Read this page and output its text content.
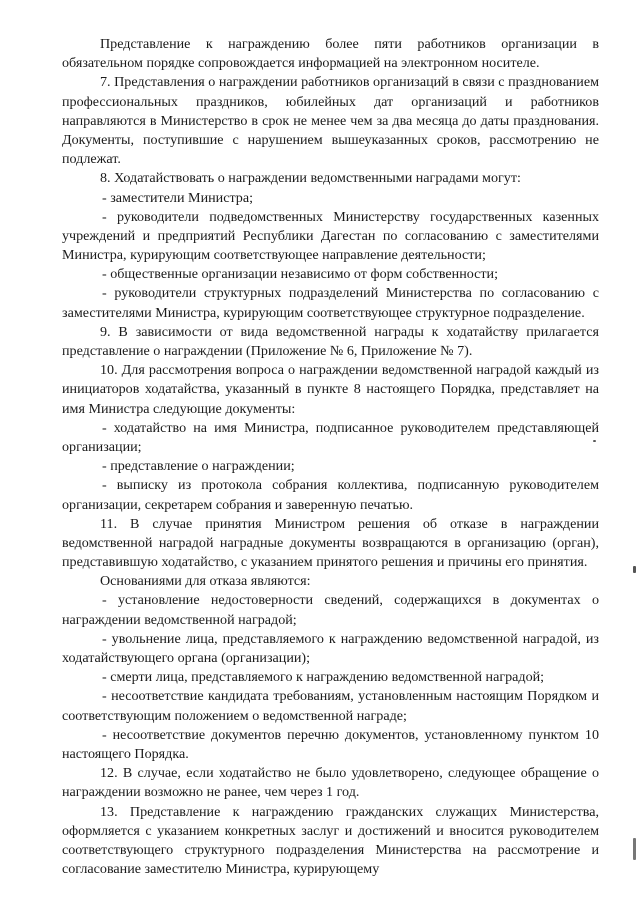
Представление к награждению более пяти работников организации в обязательном порядке сопровождается информацией на электронном носителе.

7. Представления о награждении работников организаций в связи с празднованием профессиональных праздников, юбилейных дат организаций и работников направляются в Министерство в срок не менее чем за два месяца до даты празднования. Документы, поступившие с нарушением вышеуказанных сроков, рассмотрению не подлежат.

8. Ходатайствовать о награждении ведомственными наградами могут:

- заместители Министра;

- руководители подведомственных Министерству государственных казенных учреждений и предприятий Республики Дагестан по согласованию с заместителями Министра, курирующим соответствующее направление деятельности;

- общественные организации независимо от форм собственности;

- руководители структурных подразделений Министерства по согласованию с заместителями Министра, курирующим соответствующее структурное подразделение.

9. В зависимости от вида ведомственной награды к ходатайству прилагается представление о награждении (Приложение № 6, Приложение № 7).

10. Для рассмотрения вопроса о награждении ведомственной наградой каждый из инициаторов ходатайства, указанный в пункте 8 настоящего Порядка, представляет на имя Министра следующие документы:

- ходатайство на имя Министра, подписанное руководителем представляющей организации;

- представление о награждении;

- выписку из протокола собрания коллектива, подписанную руководителем организации, секретарем собрания и заверенную печатью.

11. В случае принятия Министром решения об отказе в награждении ведомственной наградой наградные документы возвращаются в организацию (орган), представившую ходатайство, с указанием принятого решения и причины его принятия.

Основаниями для отказа являются:

- установление недостоверности сведений, содержащихся в документах о награждении ведомственной наградой;

- увольнение лица, представляемого к награждению ведомственной наградой, из ходатайствующего органа (организации);

- смерти лица, представляемого к награждению ведомственной наградой;

- несоответствие кандидата требованиям, установленным настоящим Порядком и соответствующим положением о ведомственной награде;

- несоответствие документов перечню документов, установленному пунктом 10 настоящего Порядка.

12. В случае, если ходатайство не было удовлетворено, следующее обращение о награждении возможно не ранее, чем через 1 год.

13. Представление к награждению гражданских служащих Министерства, оформляется с указанием конкретных заслуг и достижений и вносится руководителем соответствующего структурного подразделения Министерства на рассмотрение и согласование заместителю Министра, курирующему
